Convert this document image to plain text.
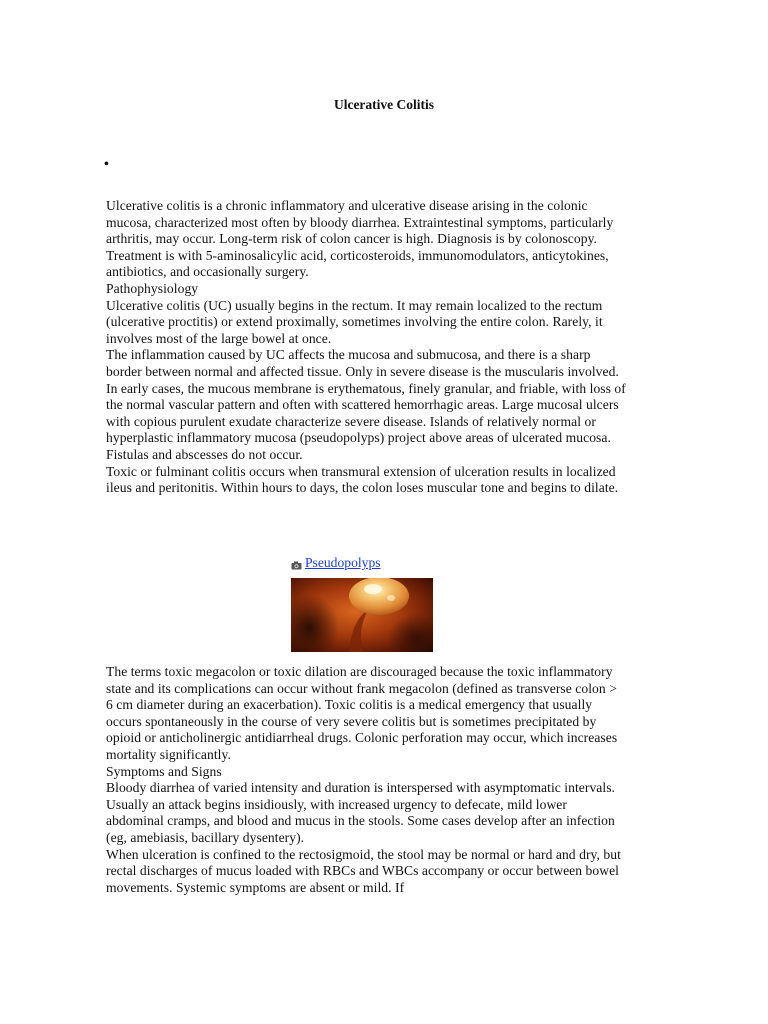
Ulcerative Colitis
•

Ulcerative colitis is a chronic inflammatory and ulcerative disease arising in the colonic mucosa, characterized most often by bloody diarrhea. Extraintestinal symptoms, particularly arthritis, may occur. Long-term risk of colon cancer is high. Diagnosis is by colonoscopy. Treatment is with 5-aminosalicylic acid, corticosteroids, immunomodulators, anticytokines, antibiotics, and occasionally surgery.

Pathophysiology

Ulcerative colitis (UC) usually begins in the rectum. It may remain localized to the rectum (ulcerative proctitis) or extend proximally, sometimes involving the entire colon. Rarely, it involves most of the large bowel at once.

The inflammation caused by UC affects the mucosa and submucosa, and there is a sharp border between normal and affected tissue. Only in severe disease is the muscularis involved. In early cases, the mucous membrane is erythematous, finely granular, and friable, with loss of the normal vascular pattern and often with scattered hemorrhagic areas. Large mucosal ulcers with copious purulent exudate characterize severe disease. Islands of relatively normal or hyperplastic inflammatory mucosa (pseudopolyps) project above areas of ulcerated mucosa. Fistulas and abscesses do not occur.

Toxic or fulminant colitis occurs when transmural extension of ulceration results in localized ileus and peritonitis. Within hours to days, the colon loses muscular tone and begins to dilate.

Pseudopolyps

The terms toxic megacolon or toxic dilation are discouraged because the toxic inflammatory state and its complications can occur without frank megacolon (defined as transverse colon > 6 cm diameter during an exacerbation). Toxic colitis is a medical emergency that usually occurs spontaneously in the course of very severe colitis but is sometimes precipitated by opioid or anticholinergic antidiarrheal drugs. Colonic perforation may occur, which increases mortality significantly.

Symptoms and Signs

Bloody diarrhea of varied intensity and duration is interspersed with asymptomatic intervals. Usually an attack begins insidiously, with increased urgency to defecate, mild lower abdominal cramps, and blood and mucus in the stools. Some cases develop after an infection (eg, amebiasis, bacillary dysentery).

When ulceration is confined to the rectosigmoid, the stool may be normal or hard and dry, but rectal discharges of mucus loaded with RBCs and WBCs accompany or occur between bowel movements. Systemic symptoms are absent or mild. If
